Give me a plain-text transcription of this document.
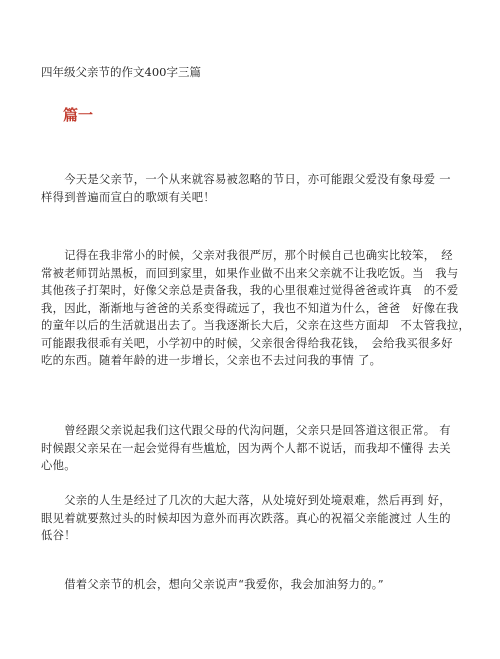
四年级父亲节的作文400字三篇
篇一

　　今天是父亲节，一个从来就容易被忽略的节日，亦可能跟父爱没有象母爱 一
样得到普遍而宣白的歌颂有关吧！

　　记得在我非常小的时候，父亲对我很严厉，那个时候自己也确实比较笨，　经
常被老师罚站黑板，而回到家里，如果作业做不出来父亲就不让我吃饭。当　我与
其他孩子打架时，好像父亲总是责备我，我的心里很难过觉得爸爸或许真　的不爱
我，因此，渐渐地与爸爸的关系变得疏远了，我也不知道为什么，爸爸　好像在我
的童年以后的生活就退出去了。当我逐渐长大后，父亲在这些方面却　不太管我拉，
可能跟我很乖有关吧，小学初中的时候，父亲很舍得给我花钱，　会给我买很多好
吃的东西。随着年龄的进一步增长，父亲也不去过问我的事情 了。

　　曾经跟父亲说起我们这代跟父母的代沟问题，父亲只是回答道这很正常。 有
时候跟父亲呆在一起会觉得有些尴尬，因为两个人都不说话，而我却不懂得 去关
心他。

　　父亲的人生是经过了几次的大起大落，从处境好到处境艰难，然后再到 好，
眼见着就要熬过头的时候却因为意外而再次跌落。真心的祝福父亲能渡过 人生的
低谷！

　　借着父亲节的机会，想向父亲说声“我爱你，我会加油努力的。”
